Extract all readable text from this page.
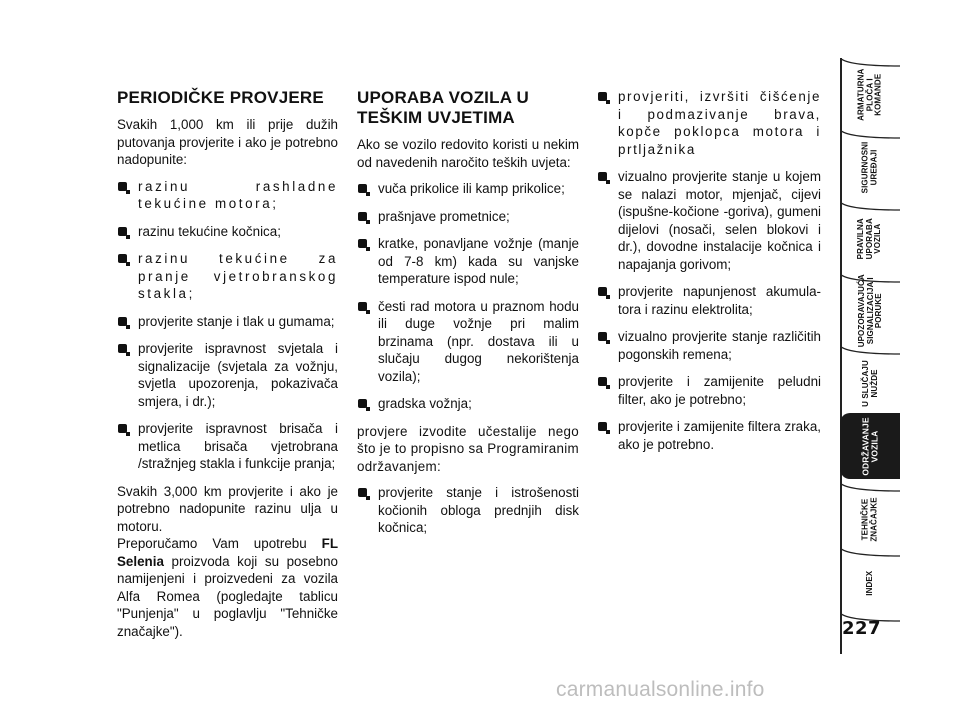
PERIODIČKE PROVJERE

Svakih 1,000 km ili prije dužih putovanja provjerite i ako je potrebno nadopunite:

razinu rashladne tekućine motora;
razinu tekućine kočnica;
razinu tekućine za pranje vjetrobranskog stakla;
provjerite stanje i tlak u gumama;
provjerite ispravnost svjetala i signalizacije (svjetala za vožnju, svjetla upozorenja, pokazivača smjera, i dr.);
provjerite ispravnost brisača i metlica brisača vjetrobrana /stražnjeg stakla i funkcije pranja;

Svakih 3,000 km provjerite i ako je potrebno nadopunite razinu ulja u motoru.

Preporučamo Vam upotrebu FL Selenia proizvoda koji su posebno namijenjeni i proizvedeni za vozila Alfa Romea (pogledajte tablicu "Punjenja" u poglavlju "Tehničke značajke").

UPORABA VOZILA U
TEŠKIM UVJETIMA

Ako se vozilo redovito koristi u nekim od navedenih naročito teških uvjeta:

vuča prikolice ili kamp prikolice;
prašnjave prometnice;
kratke, ponavljane vožnje (manje od 7-8 km) kada su vanjske temperature ispod nule;
česti rad motora u praznom hodu ili duge vožnje pri malim brzinama (npr. dostava ili u slučaju dugog nekorištenja vozila);
gradska vožnja;

provjere izvodite učestalije nego što je to propisno sa Programiranim održavanjem:

provjerite stanje i istrošenosti kočionih obloga prednjih disk kočnica;
provjeriti, izvršiti čišćenje i podmazivanje brava, kopče poklopca motora i prtljažnika
vizualno provjerite stanje u kojem se nalazi motor, mjenjač, cijevi (ispušne-kočione -goriva), gumeni dijelovi (nosači, selen blokovi i dr.), dovodne instalacije kočnica i napajanja gorivom;
provjerite napunjenost akumula-tora i razinu elektrolita;
vizualno provjerite stanje različitih pogonskih remena;
provjerite i zamijenite peludni filter, ako je potrebno;
provjerite i zamijenite filtera zraka, ako je potrebno.
ARMATURNA
PLOČA I
KOMANDE
SIGURNOSNI
UREĐAJI
PRAVILNA
UPORABA
VOZILA
UPOZORAVAJUĆA
SIGNALIZACIJA I
PORUKE
U SLUČAJU
NUŽDE
ODRŽAVANJE
VOZILA
TEHNIČKE
ZNAČAJKE
INDEX
227
carmanualsonline.info
